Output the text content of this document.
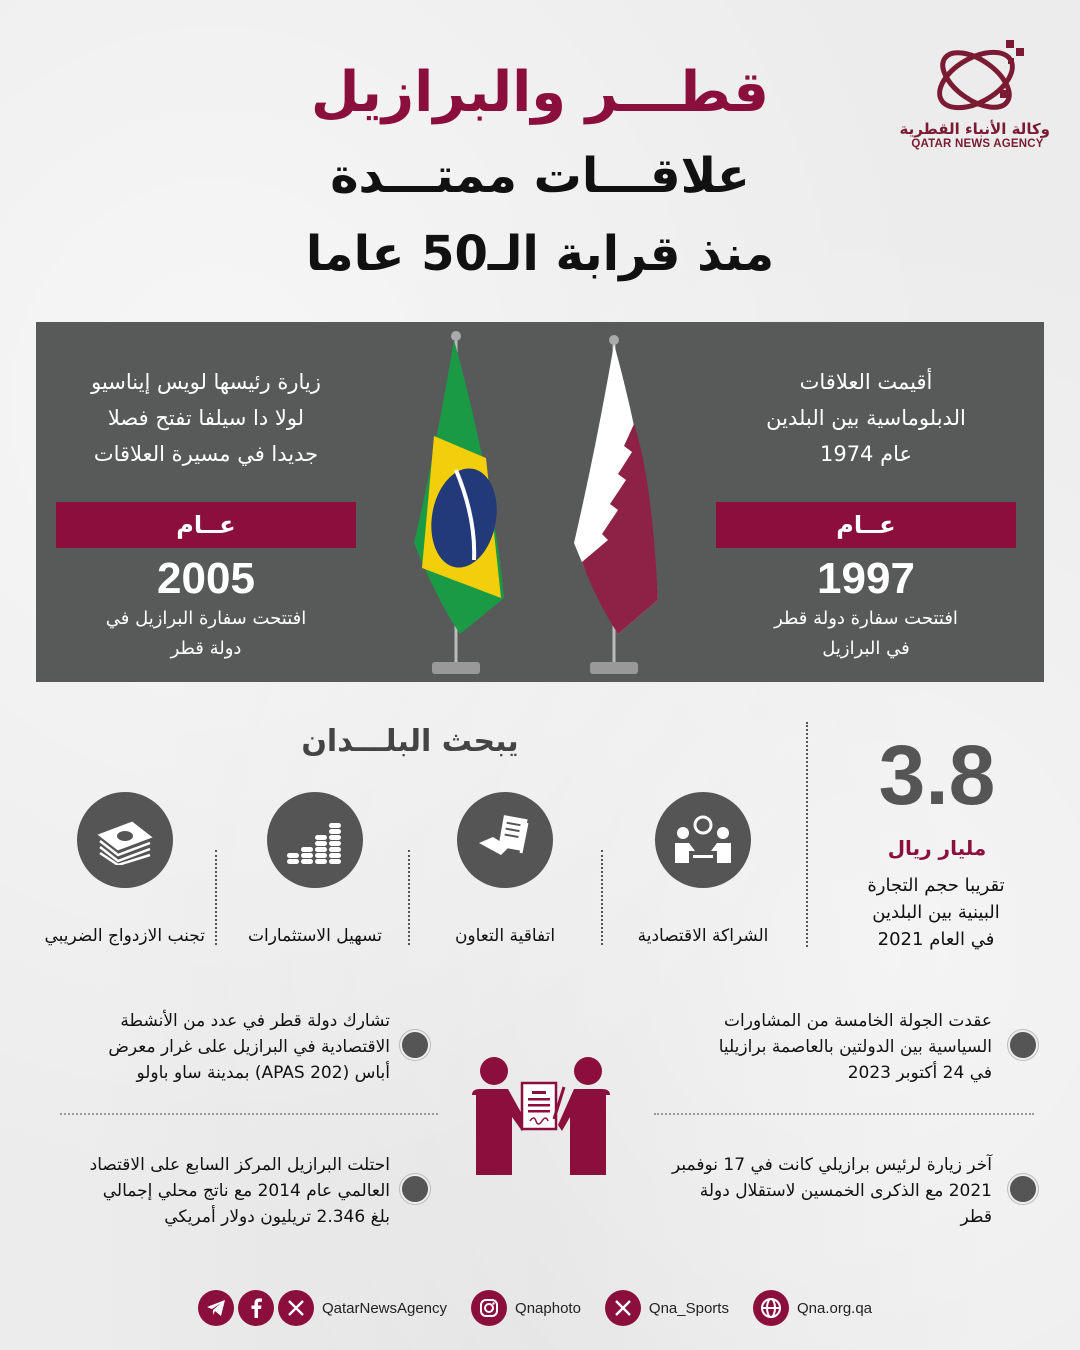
وكالة الأنباء القطرية
QATAR NEWS AGENCY
قطـــر والبرازيل
علاقـــات ممتـــدة
منذ قرابة الـ50 عاما
أقيمت العلاقات
الدبلوماسية بين البلدين
عام 1974
عــام
1997
افتتحت سفارة دولة قطر
في البرازيل
زيارة رئيسها لويس إيناسيو
لولا دا سيلفا تفتح فصلا
جديدا في مسيرة العلاقات
عــام
2005
افتتحت سفارة البرازيل في
دولة قطر
3.8
مليار ريال
تقريبا حجم التجارة
البينية بين البلدين
في العام 2021
يبحث البلـــدان
الشراكة الاقتصادية
اتفاقية التعاون
تسهيل الاستثمارات
تجنب الازدواج الضريبي
عقدت الجولة الخامسة من المشاورات
السياسية بين الدولتين بالعاصمة برازيليا
في 24 أكتوبر 2023
تشارك دولة قطر في عدد من الأنشطة
الاقتصادية في البرازيل على غرار معرض
أباس (APAS 202) بمدينة ساو باولو
آخر زيارة لرئيس برازيلي كانت في 17 نوفمبر
2021 مع الذكرى الخمسين لاستقلال دولة
قطر
احتلت البرازيل المركز السابع على الاقتصاد
العالمي عام 2014 مع ناتج محلي إجمالي
بلغ 2.346 تريليون دولار أمريكي
QatarNewsAgency	Qnaphoto	Qna_Sports	Qna.org.qa
